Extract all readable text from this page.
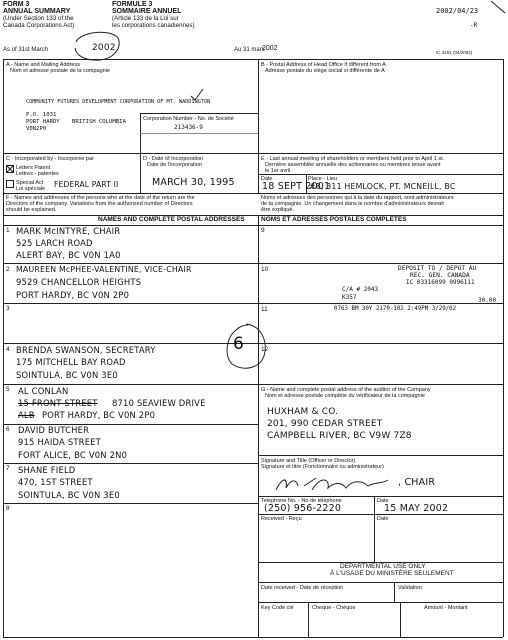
FORM 3
ANNUAL SUMMARY
(Under Section 133 of the
Canada Corporations Act)
FORMULE 3
SOMMAIRE ANNUEL
(Article 133 de la Loi sur
les corporations canadiennes)
2002/04/23
-R
As of 31st March	2002	Au 31 mars
2002
IC 3151 (04/2002)
A - Name and Mailing Address
Nom et adresse postale de la compagnie
COMMUNITY FUTURES DEVELOPMENT CORPORATION OF MT. WADDINGTON
P.O. 1031
PORT HARDY BRITISH COLUMBIA
V0N2P0
B - Postal Address of Head Office if different from A
Adresse postale du siège social si différente de A
Corporation Number - No. de Société
213436-9
C - Incorporated by - Incorporée par
Letters Patent
Lettres - patentes
Special Act
Loi spéciale FEDERAL PART II
D - Date of Incorporation
Date de l'incorporation
MARCH 30, 1995
E - Last annual meeting of shareholders or members held prior to April 1 st.
Dernière assemblée annuelle des actionnaires ou membres tenue avant
le 1er avril.
Date	Place - Lieu
18 SEPT 2001
#8, 311 HEMLOCK, PT. MCNEILL, BC
F - Names and addresses of the persons who at the date of the return are the
Directors of the company. Variations from the authorized number of Directors
should be explained.
Noms et adresses des personnes qui à la date du rapport, sont administrateurs
de la compagnie. Un changement dans le nombre d'administrateurs devrait
être expliqué.
NAMES AND COMPLETE POSTAL ADDRESSES	NOMS ET ADRESSES POSTALES COMPLÈTES
1 MARK McINTYRE, CHAIR
525 LARCH ROAD
ALERT BAY, BC V0N 1A0
2 MAUREEN McPHEE-VALENTINE, VICE-CHAIR
9529 CHANCELLOR HEIGHTS
PORT HARDY, BC V0N 2P0
3
4 BRENDA SWANSON, SECRETARY
175 MITCHELL BAY ROAD
SOINTULA, BC V0N 3E0
5 AL CONLAN
15 FRONT STREET 8710 SEAVIEW DRIVE
ALB PORT HARDY, BC V0N 2P0
6 DAVID BUTCHER
915 HAIDA STREET
FORT ALICE, BC V0N 2N0
7 SHANE FIELD
470, 1ST STREET
SOINTULA, BC V0N 3E0
8
9
10
11
12
DEPOSIT TO / DEPOT AU
REC. GEN. CANADA
IC 03316099 0996111
C/A # 2043
K357	30.00
0763 BM 30Y 2170-102 2:49PM 3/29/02
6
G - Name and complete postal address of the auditor of the Company
Nom et adresse postale complète du vérificateur de la compagnie
HUXHAM & CO.
201, 990 CEDAR STREET
CAMPBELL RIVER, BC V9W 7Z8
Signature and Title (Officer or Director)
Signature et titre (Fonctionnaire ou administrateur)
, CHAIR
Telephone No. - No de téléphone	Date
(250) 956-2220	15 MAY 2002
Received - Reçu	Date
DEPARTMENTAL USE ONLY
À L'USAGE DU MINISTÈRE SEULEMENT
Date received - Date de réception	Validation
Key Code clé	Cheque - Chèque	Amount - Montant
